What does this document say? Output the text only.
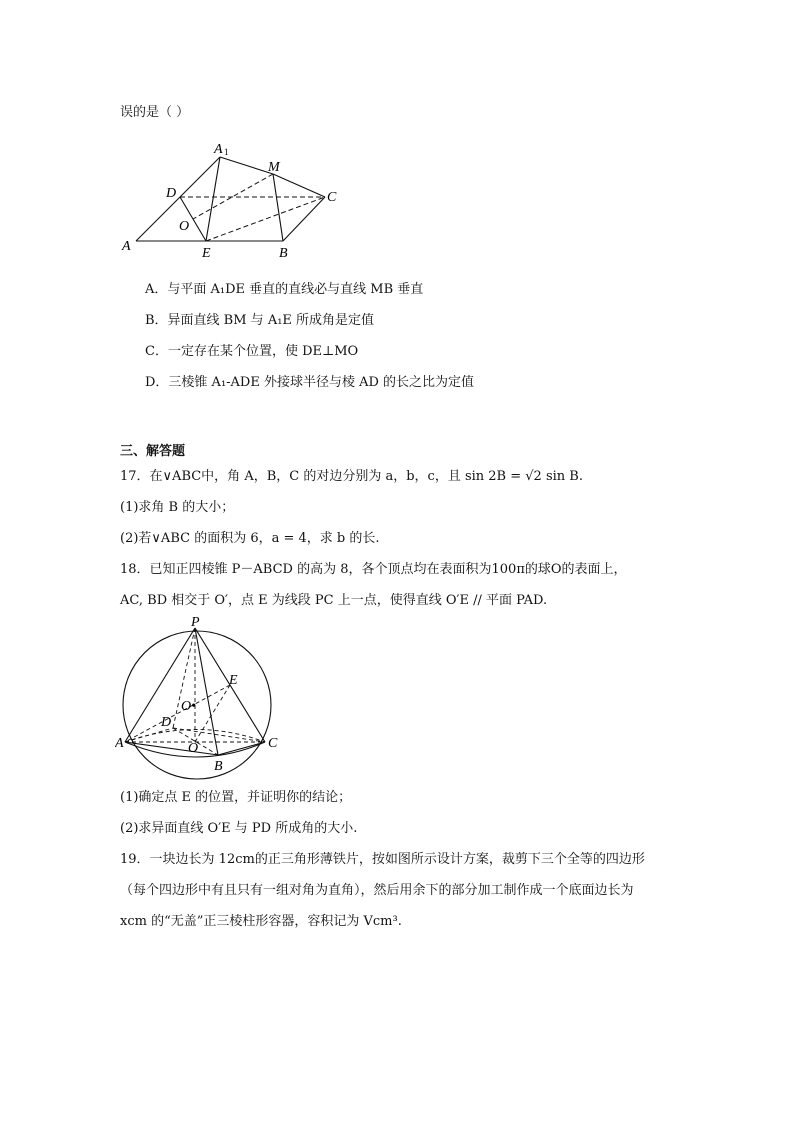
误的是（ ）
A 1
M
D	C
O
A	E	B
A．与平面 A₁DE 垂直的直线必与直线 MB 垂直
B．异面直线 BM 与 A₁E 所成角是定值
C．一定存在某个位置，使 DE⊥MO
D．三棱锥 A₁-ADE 外接球半径与棱 AD 的长之比为定值
三、解答题
17．在∨ABC中，角 A，B，C 的对边分别为 a，b，c，且 sin 2B = √2 sin B.
(1)求角 B 的大小；
(2)若∨ABC 的面积为 6，a = 4，求 b 的长.
18．已知正四棱锥 P－ABCD 的高为 8，各个顶点均在表面积为100π的球O的表面上，
AC, BD 相交于 O′，点 E 为线段 PC 上一点，使得直线 O′E // 平面 PAD.
P
E
O•
D
A	C
O
B
(1)确定点 E 的位置，并证明你的结论；
(2)求异面直线 O′E 与 PD 所成角的大小.
19．一块边长为 12cm的正三角形薄铁片，按如图所示设计方案，裁剪下三个全等的四边形
（每个四边形中有且只有一组对角为直角），然后用余下的部分加工制作成一个底面边长为
xcm 的“无盖”正三棱柱形容器，容积记为 Vcm³.
